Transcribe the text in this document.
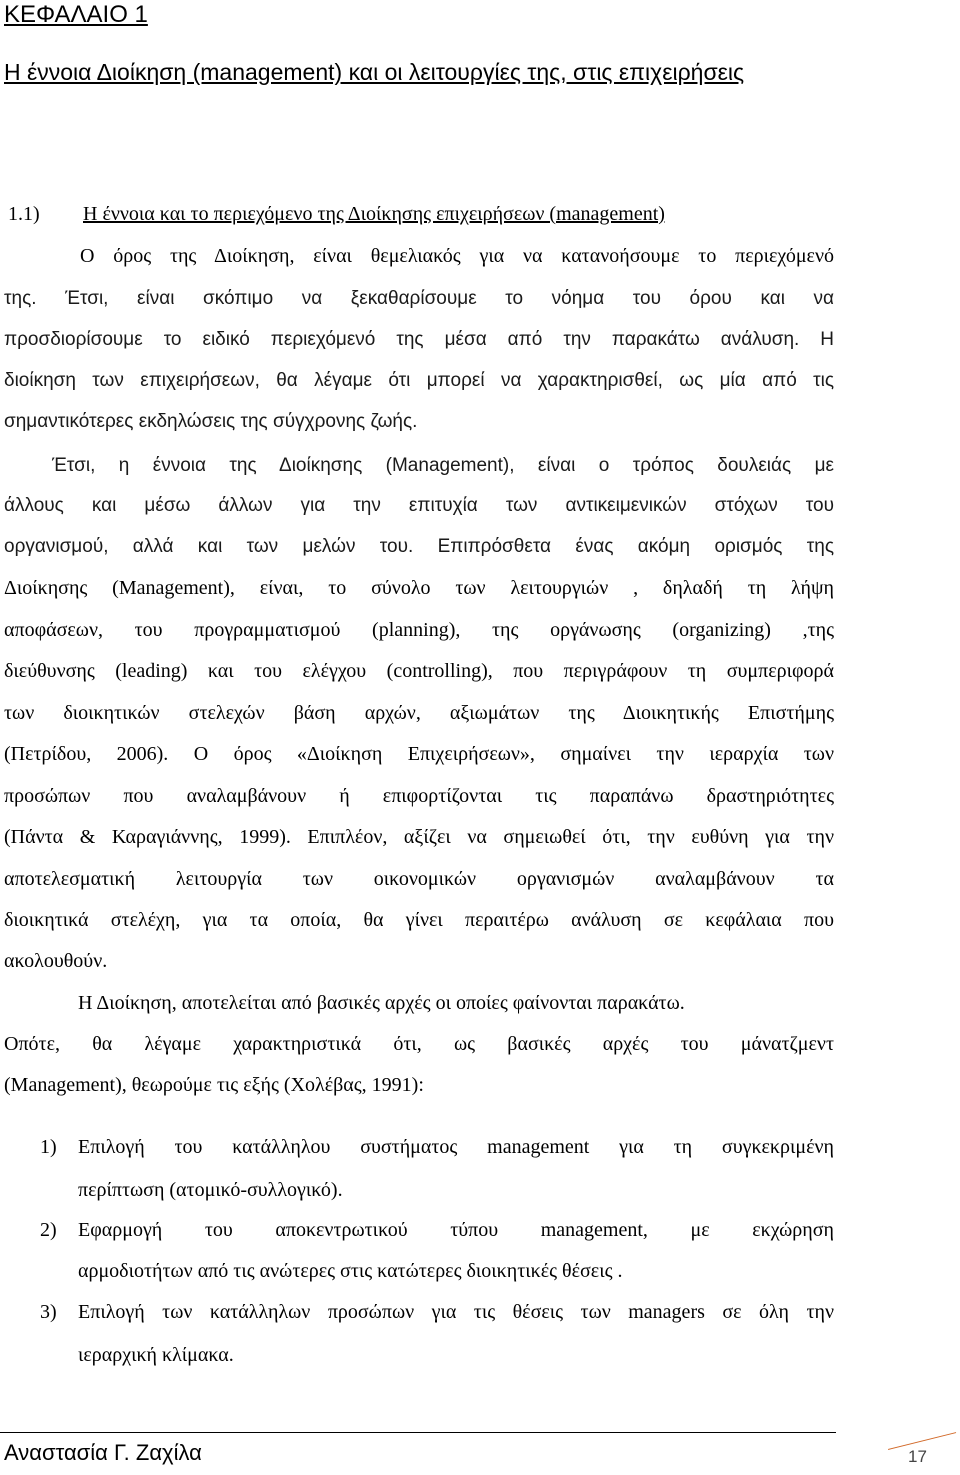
ΚΕΦΑΛΑΙΟ 1
Η έννοια Διοίκηση (management) και οι λειτουργίες της, στις επιχειρήσεις
1.1) Η έννοια και το περιεχόμενο της Διοίκησης επιχειρήσεων (management)
Ο όρος της Διοίκηση, είναι θεμελιακός για να κατανοήσουμε το περιεχόμενό
της. Έτσι, είναι σκόπιμο να ξεκαθαρίσουμε το νόημα του όρου και να
προσδιορίσουμε το ειδικό περιεχόμενό της μέσα από την παρακάτω ανάλυση. Η
διοίκηση των επιχειρήσεων, θα λέγαμε ότι μπορεί να χαρακτηρισθεί, ως μία από τις
σημαντικότερες εκδηλώσεις της σύγχρονης ζωής.
Έτσι, η έννοια της Διοίκησης (Management), είναι ο τρόπος δουλειάς με
άλλους και μέσω άλλων για την επιτυχία των αντικειμενικών στόχων του
οργανισμού, αλλά και των μελών του. Επιπρόσθετα ένας ακόμη ορισμός της
Διοίκησης (Management), είναι, το σύνολο των λειτουργιών , δηλαδή τη λήψη
αποφάσεων, του προγραμματισμού (planning), της οργάνωσης (organizing) ,της
διεύθυνσης (leading) και του ελέγχου (controlling), που περιγράφουν τη συμπεριφορά
των διοικητικών στελεχών βάση αρχών, αξιωμάτων της Διοικητικής Επιστήμης
(Πετρίδου, 2006). Ο όρος «Διοίκηση Επιχειρήσεων», σημαίνει την ιεραρχία των
προσώπων που αναλαμβάνουν ή επιφορτίζονται τις παραπάνω δραστηριότητες
(Πάντα & Καραγιάννης, 1999). Επιπλέον, αξίζει να σημειωθεί ότι, την ευθύνη για την
αποτελεσματική λειτουργία των οικονομικών οργανισμών αναλαμβάνουν τα
διοικητικά στελέχη, για τα οποία, θα γίνει περαιτέρω ανάλυση σε κεφάλαια που
ακολουθούν.
Η Διοίκηση, αποτελείται από βασικές αρχές οι οποίες φαίνονται παρακάτω.
Οπότε, θα λέγαμε χαρακτηριστικά ότι, ως βασικές αρχές του μάνατζμεντ
(Management), θεωρούμε τις εξής (Χολέβας, 1991):
1) Επιλογή του κατάλληλου συστήματος management για τη συγκεκριμένη
περίπτωση (ατομικό-συλλογικό).
2) Εφαρμογή του αποκεντρωτικού τύπου management, με εκχώρηση
αρμοδιοτήτων από τις ανώτερες στις κατώτερες διοικητικές θέσεις .
3) Επιλογή των κατάλληλων προσώπων για τις θέσεις των managers σε όλη την
ιεραρχική κλίμακα.
Αναστασία Γ. Ζαχίλα	17
